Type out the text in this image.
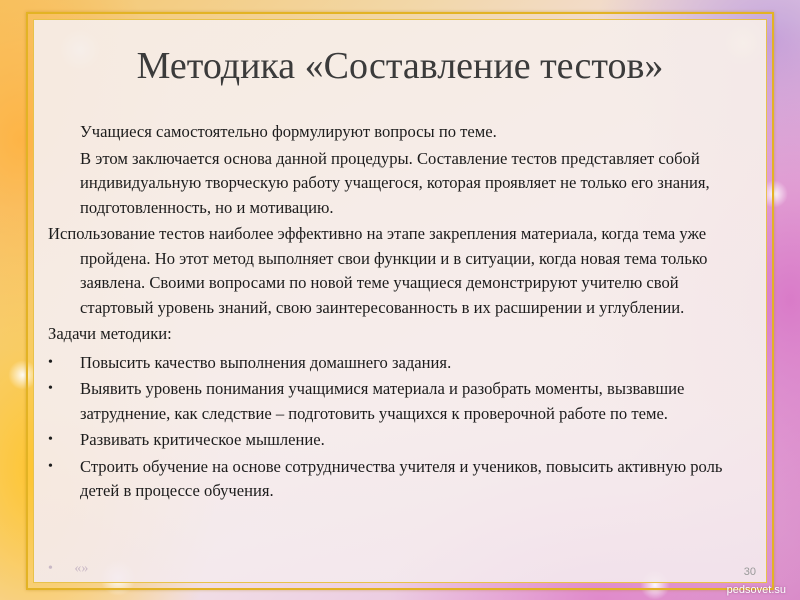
Методика «Составление тестов»
Учащиеся самостоятельно формулируют вопросы по теме.
В этом заключается основа данной процедуры. Составление тестов представляет собой индивидуальную творческую работу учащегося, которая проявляет не только его знания, подготовленность, но и мотивацию.
Использование тестов наиболее эффективно на этапе закрепления материала, когда тема уже пройдена. Но этот метод выполняет свои функции и в ситуации, когда новая тема только заявлена. Своими вопросами по новой теме учащиеся демонстрируют учителю свой стартовый уровень знаний, свою заинтересованность в их расширении и углублении.
Задачи методики:
•	Повысить качество выполнения домашнего задания.
•	Выявить уровень понимания учащимися материала и разобрать моменты, вызвавшие затруднение, как следствие – подготовить учащихся к проверочной работе по теме.
•	Развивать критическое мышление.
•	Строить обучение на основе сотрудничества учителя и учеников, повысить активную роль детей в процессе обучения.
• «»	30
pedsovet.su
